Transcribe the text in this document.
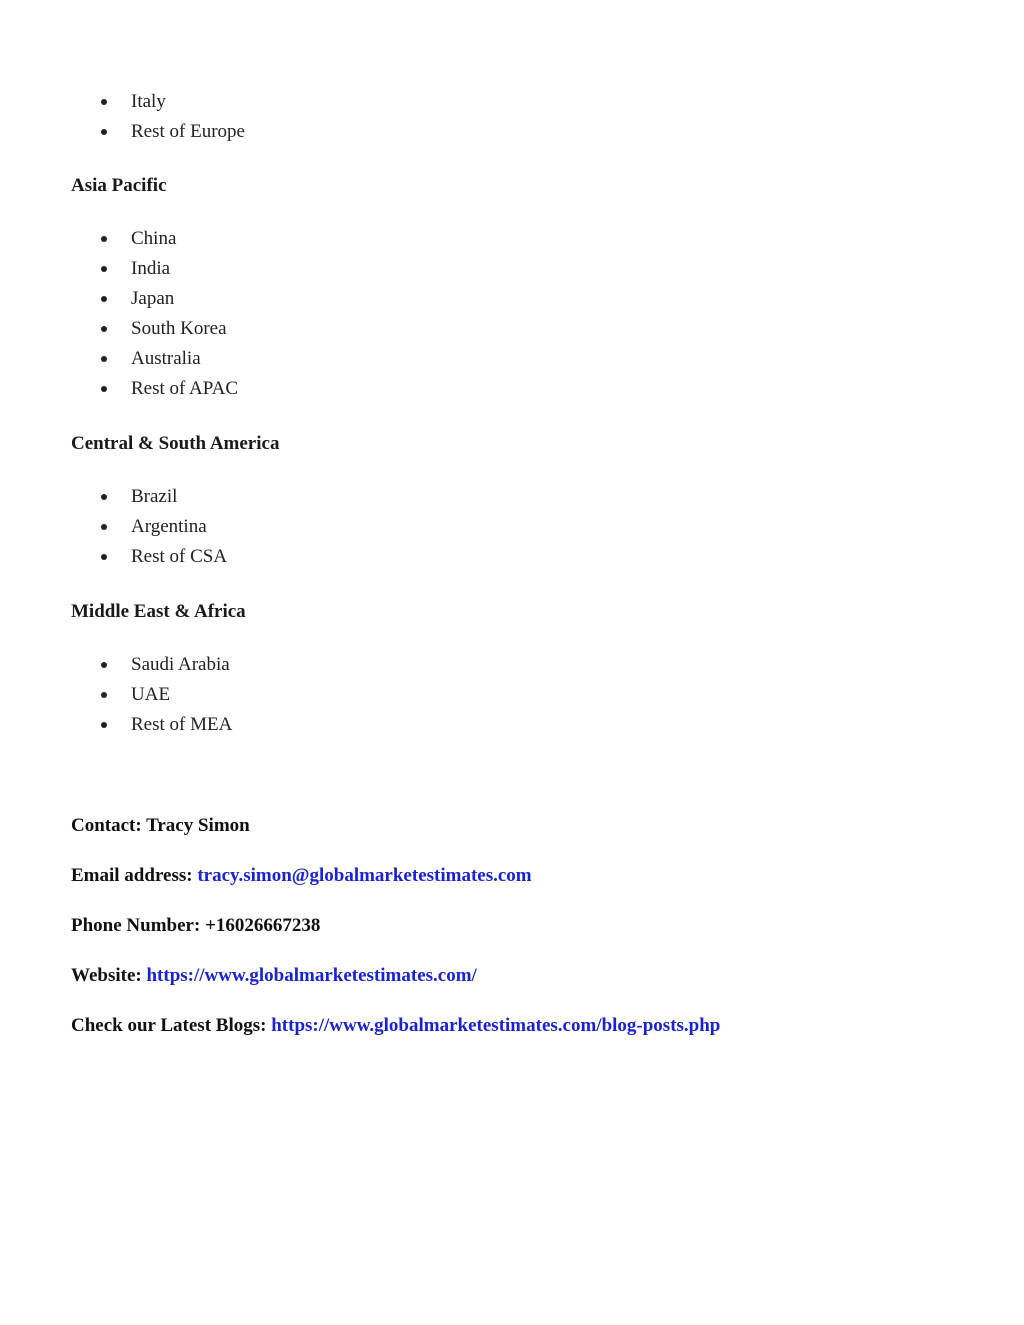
Italy
Rest of Europe
Asia Pacific
China
India
Japan
South Korea
Australia
Rest of APAC
Central & South America
Brazil
Argentina
Rest of CSA
Middle East & Africa
Saudi Arabia
UAE
Rest of MEA
Contact: Tracy Simon
Email address: tracy.simon@globalmarketestimates.com
Phone Number: +16026667238
Website: https://www.globalmarketestimates.com/
Check our Latest Blogs: https://www.globalmarketestimates.com/blog-posts.php
